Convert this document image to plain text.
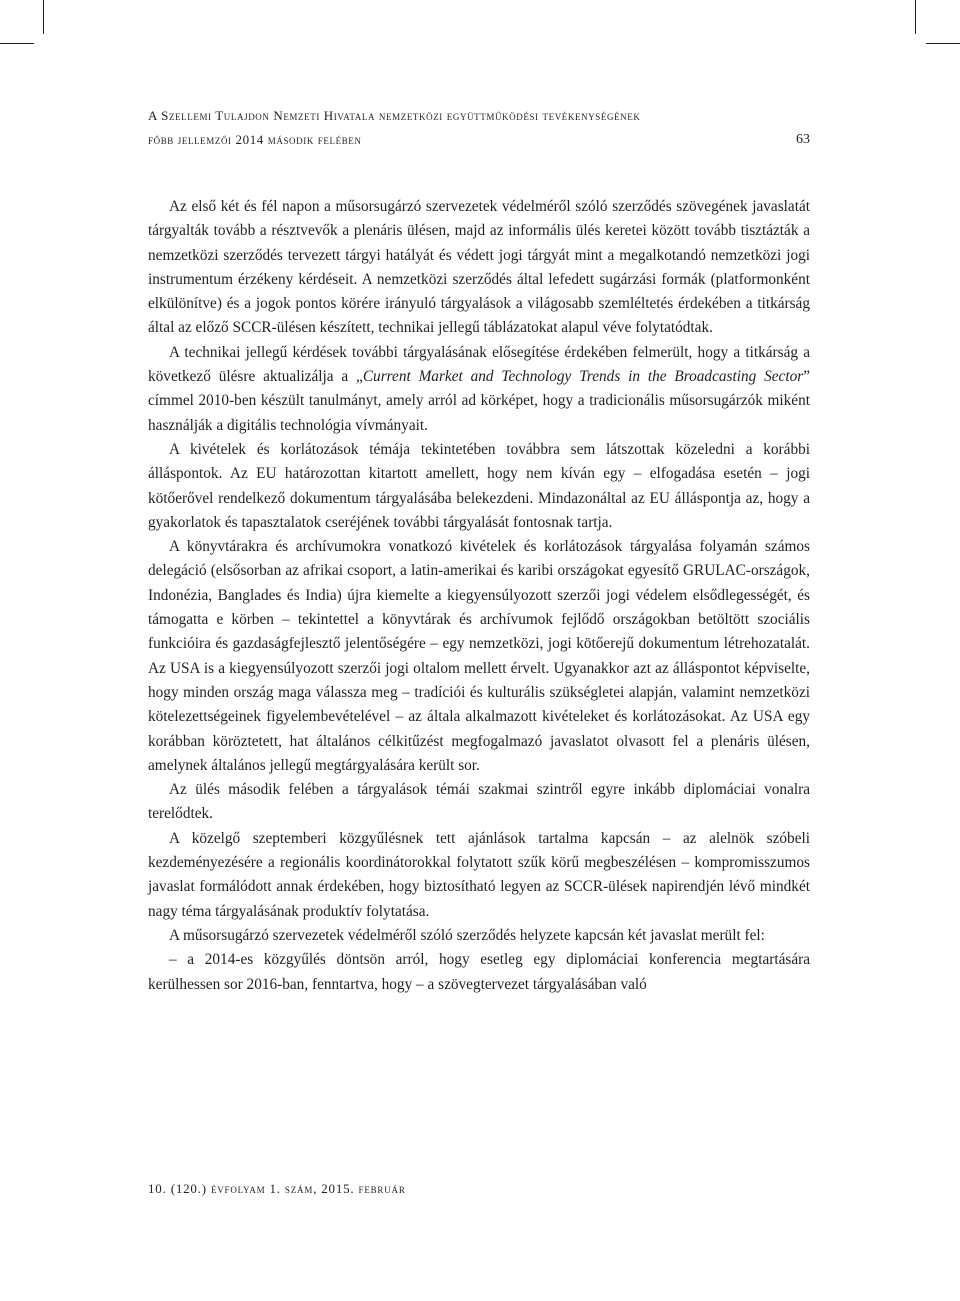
A Szellemi Tulajdon Nemzeti Hivatala nemzetközi együttműködési tevékenységének
főbb jellemzői 2014 második felében	63

Az első két és fél napon a műsorsugárzó szervezetek védelméről szóló szerződés szövegének javaslatát tárgyalták tovább a résztvevők a plenáris ülésen, majd az informális ülés keretei között tovább tisztázták a nemzetközi szerződés tervezett tárgyi hatályát és védett jogi tárgyát mint a megalkotandó nemzetközi jogi instrumentum érzékeny kérdéseit. A nemzetközi szerződés által lefedett sugárzási formák (platformonként elkülönítve) és a jogok pontos körére irányuló tárgyalások a világosabb szemléltetés érdekében a titkárság által az előző SCCR-ülésen készített, technikai jellegű táblázatokat alapul véve folytatódtak.

A technikai jellegű kérdések további tárgyalásának elősegítése érdekében felmerült, hogy a titkárság a következő ülésre aktualizálja a „Current Market and Technology Trends in the Broadcasting Sector” címmel 2010-ben készült tanulmányt, amely arról ad körképet, hogy a tradicionális műsorsugárzók miként használják a digitális technológia vívmányait.

A kivételek és korlátozások témája tekintetében továbbra sem látszottak közeledni a korábbi álláspontok. Az EU határozottan kitartott amellett, hogy nem kíván egy – elfogadása esetén – jogi kötőerővel rendelkező dokumentum tárgyalásába belekezdeni. Mindazonáltal az EU álláspontja az, hogy a gyakorlatok és tapasztalatok cseréjének további tárgyalását fontosnak tartja.

A könyvtárakra és archívumokra vonatkozó kivételek és korlátozások tárgyalása folyamán számos delegáció (elsősorban az afrikai csoport, a latin-amerikai és karibi országokat egyesítő GRULAC-országok, Indonézia, Banglades és India) újra kiemelte a kiegyensúlyozott szerzői jogi védelem elsődlegességét, és támogatta e körben – tekintettel a könyvtárak és archívumok fejlődő országokban betöltött szociális funkcióira és gazdaságfejlesztő jelentőségére – egy nemzetközi, jogi kötőerejű dokumentum létrehozatalát. Az USA is a kiegyensúlyozott szerzői jogi oltalom mellett érvelt. Ugyanakkor azt az álláspontot képviselte, hogy minden ország maga válassza meg – tradíciói és kulturális szükségletei alapján, valamint nemzetközi kötelezettségeinek figyelembevételével – az általa alkalmazott kivételeket és korlátozásokat. Az USA egy korábban köröztetett, hat általános célkitűzést megfogalmazó javaslatot olvasott fel a plenáris ülésen, amelynek általános jellegű megtárgyalására került sor.

Az ülés második felében a tárgyalások témái szakmai szintről egyre inkább diplomáciai vonalra terelődtek.

A közelgő szeptemberi közgyűlésnek tett ajánlások tartalma kapcsán – az alelnök szóbeli kezdeményezésére a regionális koordinátorokkal folytatott szűk körű megbeszélésen – kompromisszumos javaslat formálódott annak érdekében, hogy biztosítható legyen az SCCR-ülések napirendjén lévő mindkét nagy téma tárgyalásának produktív folytatása.

A műsorsugárzó szervezetek védelméről szóló szerződés helyzete kapcsán két javaslat merült fel:

– a 2014-es közgyűlés döntsön arról, hogy esetleg egy diplomáciai konferencia megtartására kerülhessen sor 2016-ban, fenntartva, hogy – a szövegtervezet tárgyalásában való

10. (120.) évfolyam 1. szám, 2015. február
